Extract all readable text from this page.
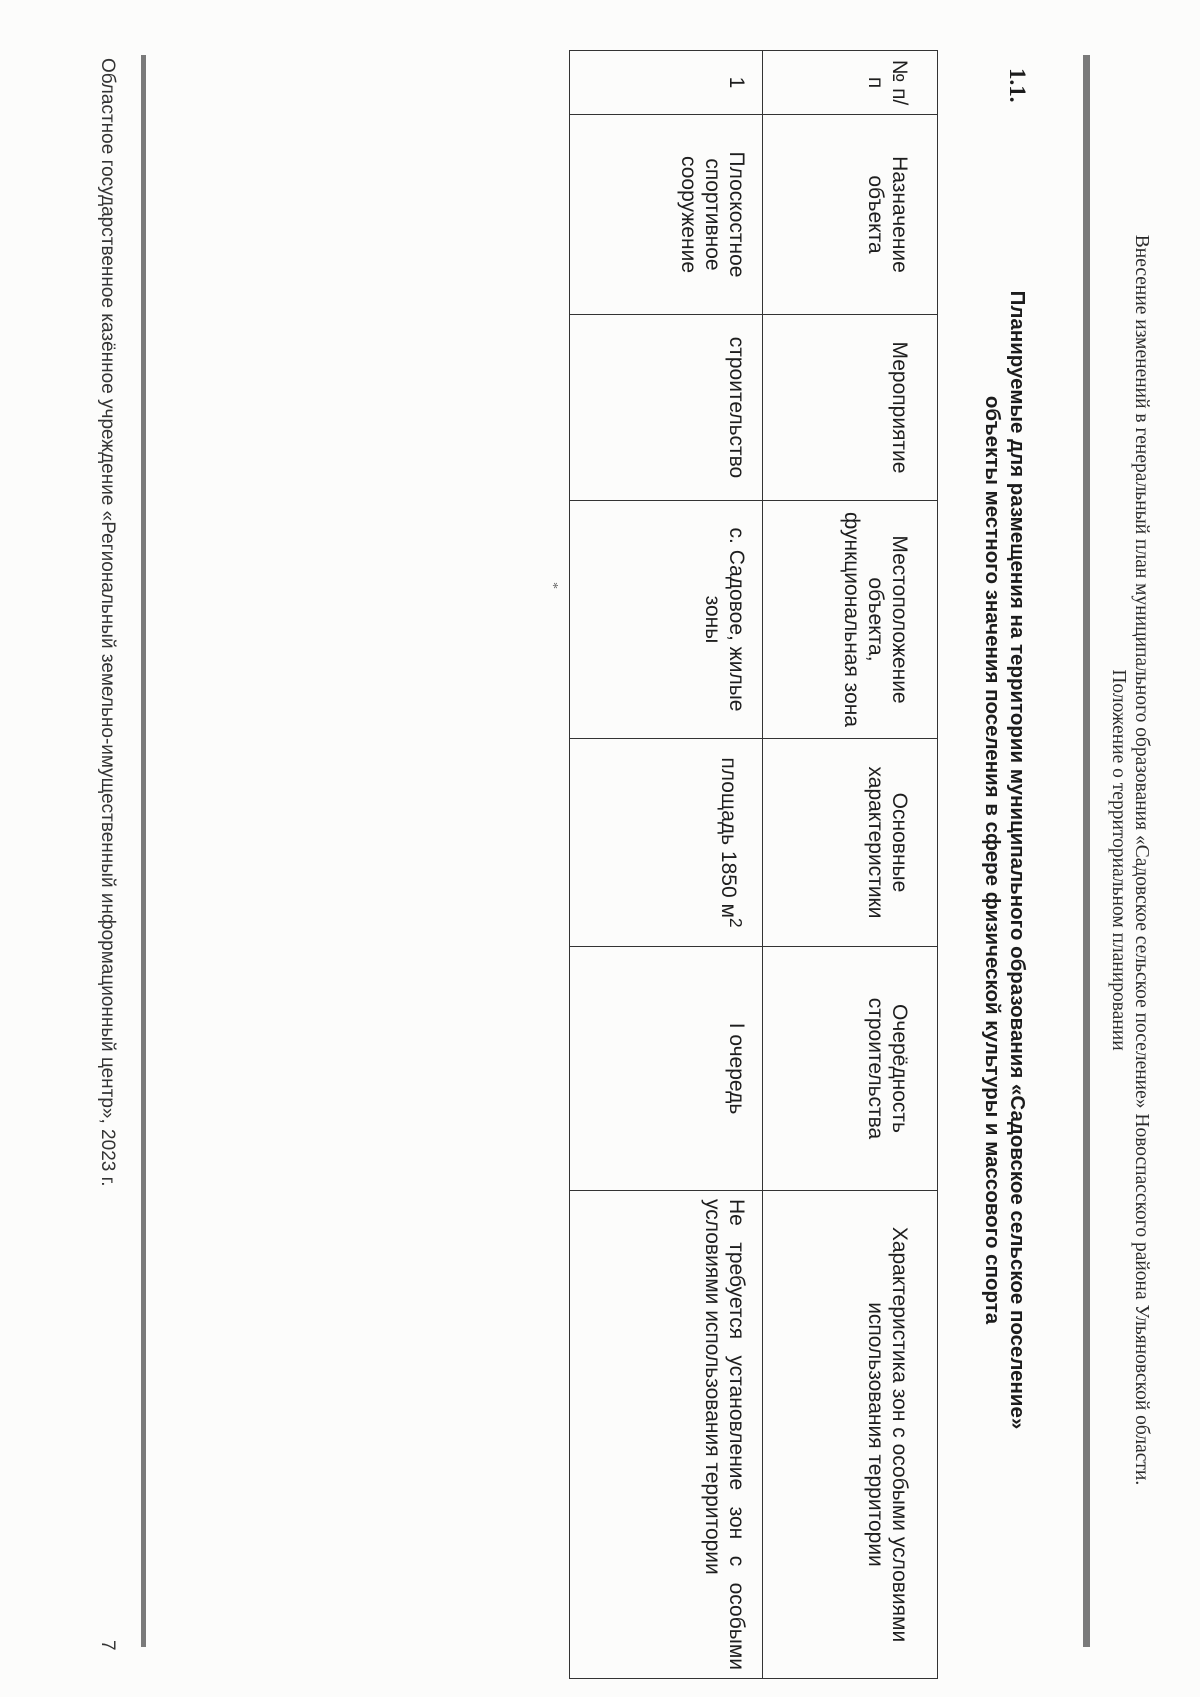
Внесение изменений в генеральный план муниципального образования «Садовское сельское поселение» Новоспасского района Ульяновской области.
Положение о территориальном планировании
1.1.
Планируемые для размещения на территории муниципального образования «Садовское сельское поселение» объекты местного значения поселения в сфере физической культуры и массового спорта
№ п/п	Назначение объекта	Мероприятие	Местоположение объекта, функциональная зона	Основные характеристики	Очерёдность строительства	Характеристика зон с особыми условиями использования территории
1	Плоскостное спортивное сооружение	строительство	с. Садовое, жилые зоны	площадь 1850 $м^2$	I очередь	Не требуется установление зон с особыми условиями использования территории
*
Областное государственное казённое учреждение «Региональный земельно-имущественный информационный центр», 2023 г.
7
